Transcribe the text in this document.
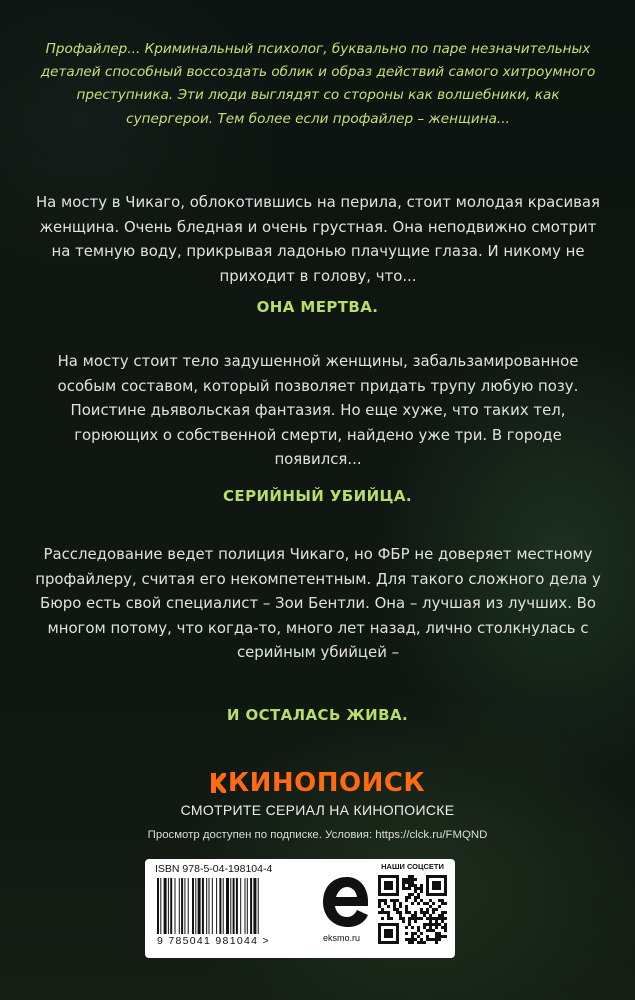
Профайлер... Криминальный психолог, буквально по паре незначительных деталей способный воссоздать облик и образ действий самого хитроумного преступника. Эти люди выглядят со стороны как волшебники, как супергерои. Тем более если профайлер – женщина...

На мосту в Чикаго, облокотившись на перила, стоит молодая красивая женщина. Очень бледная и очень грустная. Она неподвижно смотрит на темную воду, прикрывая ладонью плачущие глаза. И никому не приходит в голову, что...

ОНА МЕРТВА.

На мосту стоит тело задушенной женщины, забальзамированное особым составом, который позволяет придать трупу любую позу. Поистине дьявольская фантазия. Но еще хуже, что таких тел, горюющих о собственной смерти, найдено уже три. В городе появился...

СЕРИЙНЫЙ УБИЙЦА.

Расследование ведет полиция Чикаго, но ФБР не доверяет местному профайлеру, считая его некомпетентным. Для такого сложного дела у Бюро есть свой специалист – Зои Бентли. Она – лучшая из лучших. Во многом потому, что когда-то, много лет назад, лично столкнулась с серийным убийцей –

И ОСТАЛАСЬ ЖИВА.

КИНОПОИСК
СМОТРИТЕ СЕРИАЛ НА КИНОПОИСКЕ
Просмотр доступен по подписке. Условия: https://clck.ru/FMQND
ISBN 978-5-04-198104-4
9 785041 981044 >	eksmo.ru
НАШИ СОЦСЕТИ
